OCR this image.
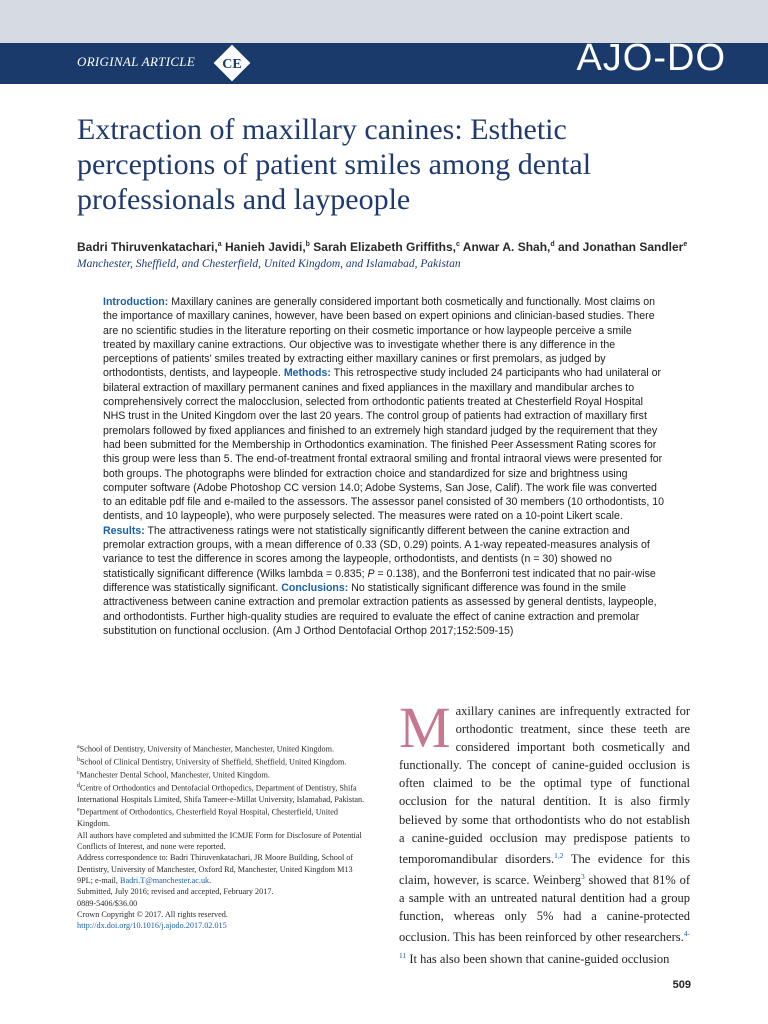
ORIGINAL ARTICLE CE	AJO-DO
Extraction of maxillary canines: Esthetic perceptions of patient smiles among dental professionals and laypeople
Badri Thiruvenkatachari,$^a$ Hanieh Javidi,$^b$ Sarah Elizabeth Griffiths,$^c$ Anwar A. Shah,$^d$ and Jonathan Sandler$^e$
Manchester, Sheffield, and Chesterfield, United Kingdom, and Islamabad, Pakistan

Introduction: Maxillary canines are generally considered important both cosmetically and functionally. Most claims on the importance of maxillary canines, however, have been based on expert opinions and clinician-based studies. There are no scientific studies in the literature reporting on their cosmetic importance or how laypeople perceive a smile treated by maxillary canine extractions. Our objective was to investigate whether there is any difference in the perceptions of patients' smiles treated by extracting either maxillary canines or first premolars, as judged by orthodontists, dentists, and laypeople. Methods: This retrospective study included 24 participants who had unilateral or bilateral extraction of maxillary permanent canines and fixed appliances in the maxillary and mandibular arches to comprehensively correct the malocclusion, selected from orthodontic patients treated at Chesterfield Royal Hospital NHS trust in the United Kingdom over the last 20 years. The control group of patients had extraction of maxillary first premolars followed by fixed appliances and finished to an extremely high standard judged by the requirement that they had been submitted for the Membership in Orthodontics examination. The finished Peer Assessment Rating scores for this group were less than 5. The end-of-treatment frontal extraoral smiling and frontal intraoral views were presented for both groups. The photographs were blinded for extraction choice and standardized for size and brightness using computer software (Adobe Photoshop CC version 14.0; Adobe Systems, San Jose, Calif). The work file was converted to an editable pdf file and e-mailed to the assessors. The assessor panel consisted of 30 members (10 orthodontists, 10 dentists, and 10 laypeople), who were purposely selected. The measures were rated on a 10-point Likert scale. Results: The attractiveness ratings were not statistically significantly different between the canine extraction and premolar extraction groups, with a mean difference of 0.33 (SD, 0.29) points. A 1-way repeated-measures analysis of variance to test the difference in scores among the laypeople, orthodontists, and dentists (n = 30) showed no statistically significant difference (Wilks lambda = 0.835; P = 0.138), and the Bonferroni test indicated that no pair-wise difference was statistically significant. Conclusions: No statistically significant difference was found in the smile attractiveness between canine extraction and premolar extraction patients as assessed by general dentists, laypeople, and orthodontists. Further high-quality studies are required to evaluate the effect of canine extraction and premolar substitution on functional occlusion. (Am J Orthod Dentofacial Orthop 2017;152:509-15)

$^a$School of Dentistry, University of Manchester, Manchester, United Kingdom.
$^b$School of Clinical Dentistry, University of Sheffield, Sheffield, United Kingdom.
$^c$Manchester Dental School, Manchester, United Kingdom.
$^d$Centre of Orthodontics and Dentofacial Orthopedics, Department of Dentistry, Shifa International Hospitals Limited, Shifa Tameer-e-Millat University, Islamabad, Pakistan.
$^e$Department of Orthodontics, Chesterfield Royal Hospital, Chesterfield, United Kingdom.
All authors have completed and submitted the ICMJE Form for Disclosure of Potential Conflicts of Interest, and none were reported.
Address correspondence to: Badri Thiruvenkatachari, JR Moore Building, School of Dentistry, University of Manchester, Oxford Rd, Manchester, United Kingdom M13 9PL; e-mail, Badri.T@manchester.ac.uk.
Submitted, July 2016; revised and accepted, February 2017.
0889-5406/$36.00
Crown Copyright © 2017. All rights reserved.
http://dx.doi.org/10.1016/j.ajodo.2017.02.015

Maxillary canines are infrequently extracted for orthodontic treatment, since these teeth are considered important both cosmetically and functionally. The concept of canine-guided occlusion is often claimed to be the optimal type of functional occlusion for the natural dentition. It is also firmly believed by some that orthodontists who do not establish a canine-guided occlusion may predispose patients to temporomandibular disorders.$^{1,2}$ The evidence for this claim, however, is scarce. Weinberg$^3$ showed that 81% of a sample with an untreated natural dentition had a group function, whereas only 5% had a canine-protected occlusion. This has been reinforced by other researchers.$^{4-11}$ It has also been shown that canine-guided occlusion

509
